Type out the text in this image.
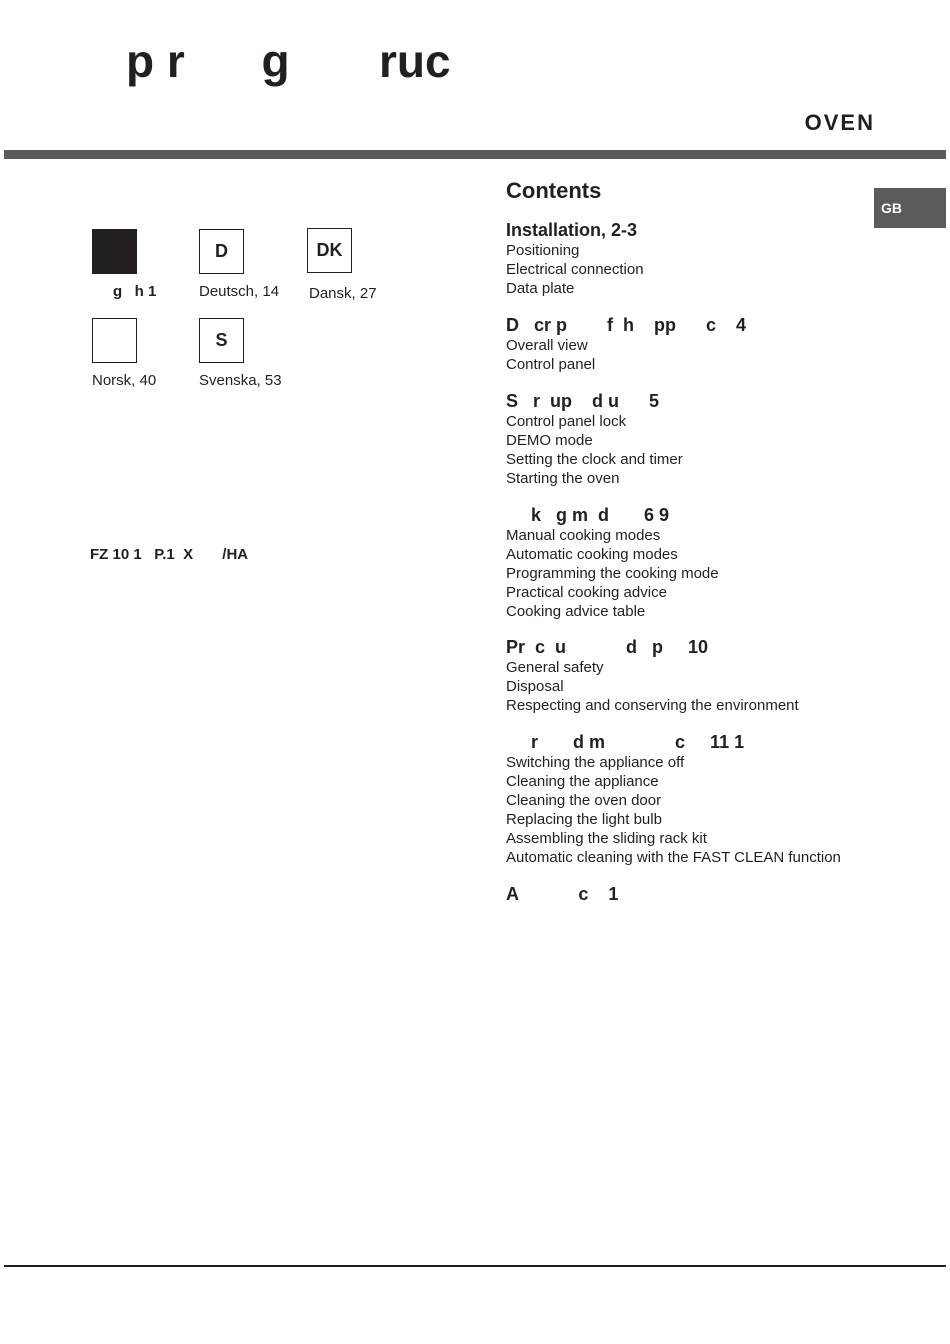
p r      g       ruc
OVEN
GB
g   h 1
D
Deutsch, 14
DK
Dansk, 27
Norsk, 40
S
Svenska, 53
FZ 10 1   P.1  X       /HA
Contents
Installation, 2-3
Positioning
Electrical connection
Data plate
D   cr p        f  h    pp      c    4
Overall view
Control panel
S   r  up    d u      5
Control panel lock
DEMO mode
Setting the clock and timer
Starting the oven
k   g m  d       6 9
Manual cooking modes
Automatic cooking modes
Programming the cooking mode
Practical cooking advice
Cooking advice table
Pr  c  u            d   p     10
General safety
Disposal
Respecting and conserving the environment
r       d m              c     11 1
Switching the appliance off
Cleaning the appliance
Cleaning the oven door
Replacing the light bulb
Assembling the sliding rack kit
Automatic cleaning with the FAST CLEAN function
A            c    1
